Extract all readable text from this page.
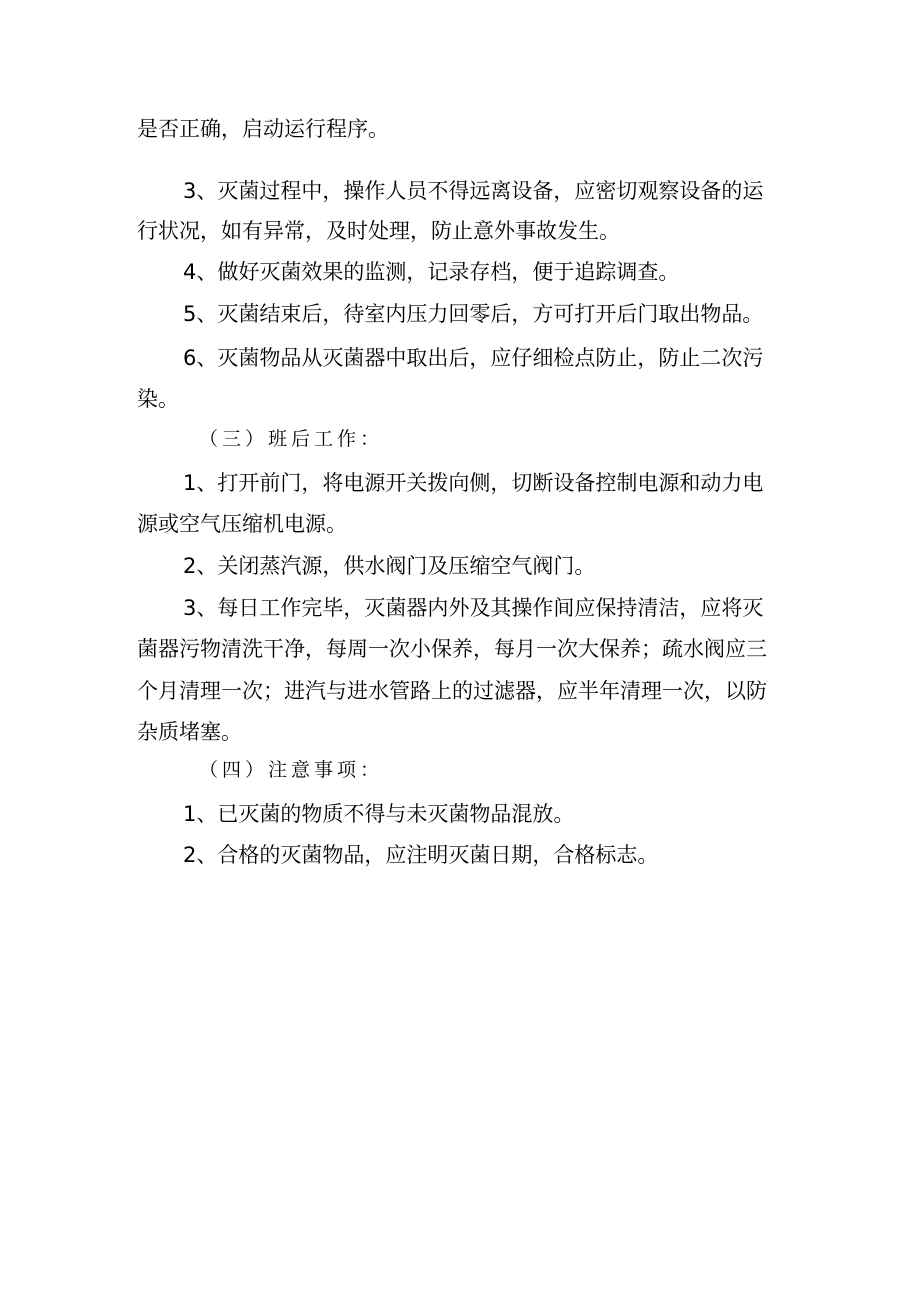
是否正确，启动运行程序。
3、灭菌过程中，操作人员不得远离设备，应密切观察设备的运
行状况，如有异常，及时处理，防止意外事故发生。
4、做好灭菌效果的监测，记录存档，便于追踪调查。
5、灭菌结束后，待室内压力回零后，方可打开后门取出物品。
6、灭菌物品从灭菌器中取出后，应仔细检点防止，防止二次污
染。
（三）班后工作：
1、打开前门，将电源开关拨向侧，切断设备控制电源和动力电
源或空气压缩机电源。
2、关闭蒸汽源，供水阀门及压缩空气阀门。
3、每日工作完毕，灭菌器内外及其操作间应保持清洁，应将灭
菌器污物清洗干净，每周一次小保养，每月一次大保养；疏水阀应三
个月清理一次；进汽与进水管路上的过滤器，应半年清理一次，以防
杂质堵塞。
（四）注意事项：
1、已灭菌的物质不得与未灭菌物品混放。
2、合格的灭菌物品，应注明灭菌日期，合格标志。
